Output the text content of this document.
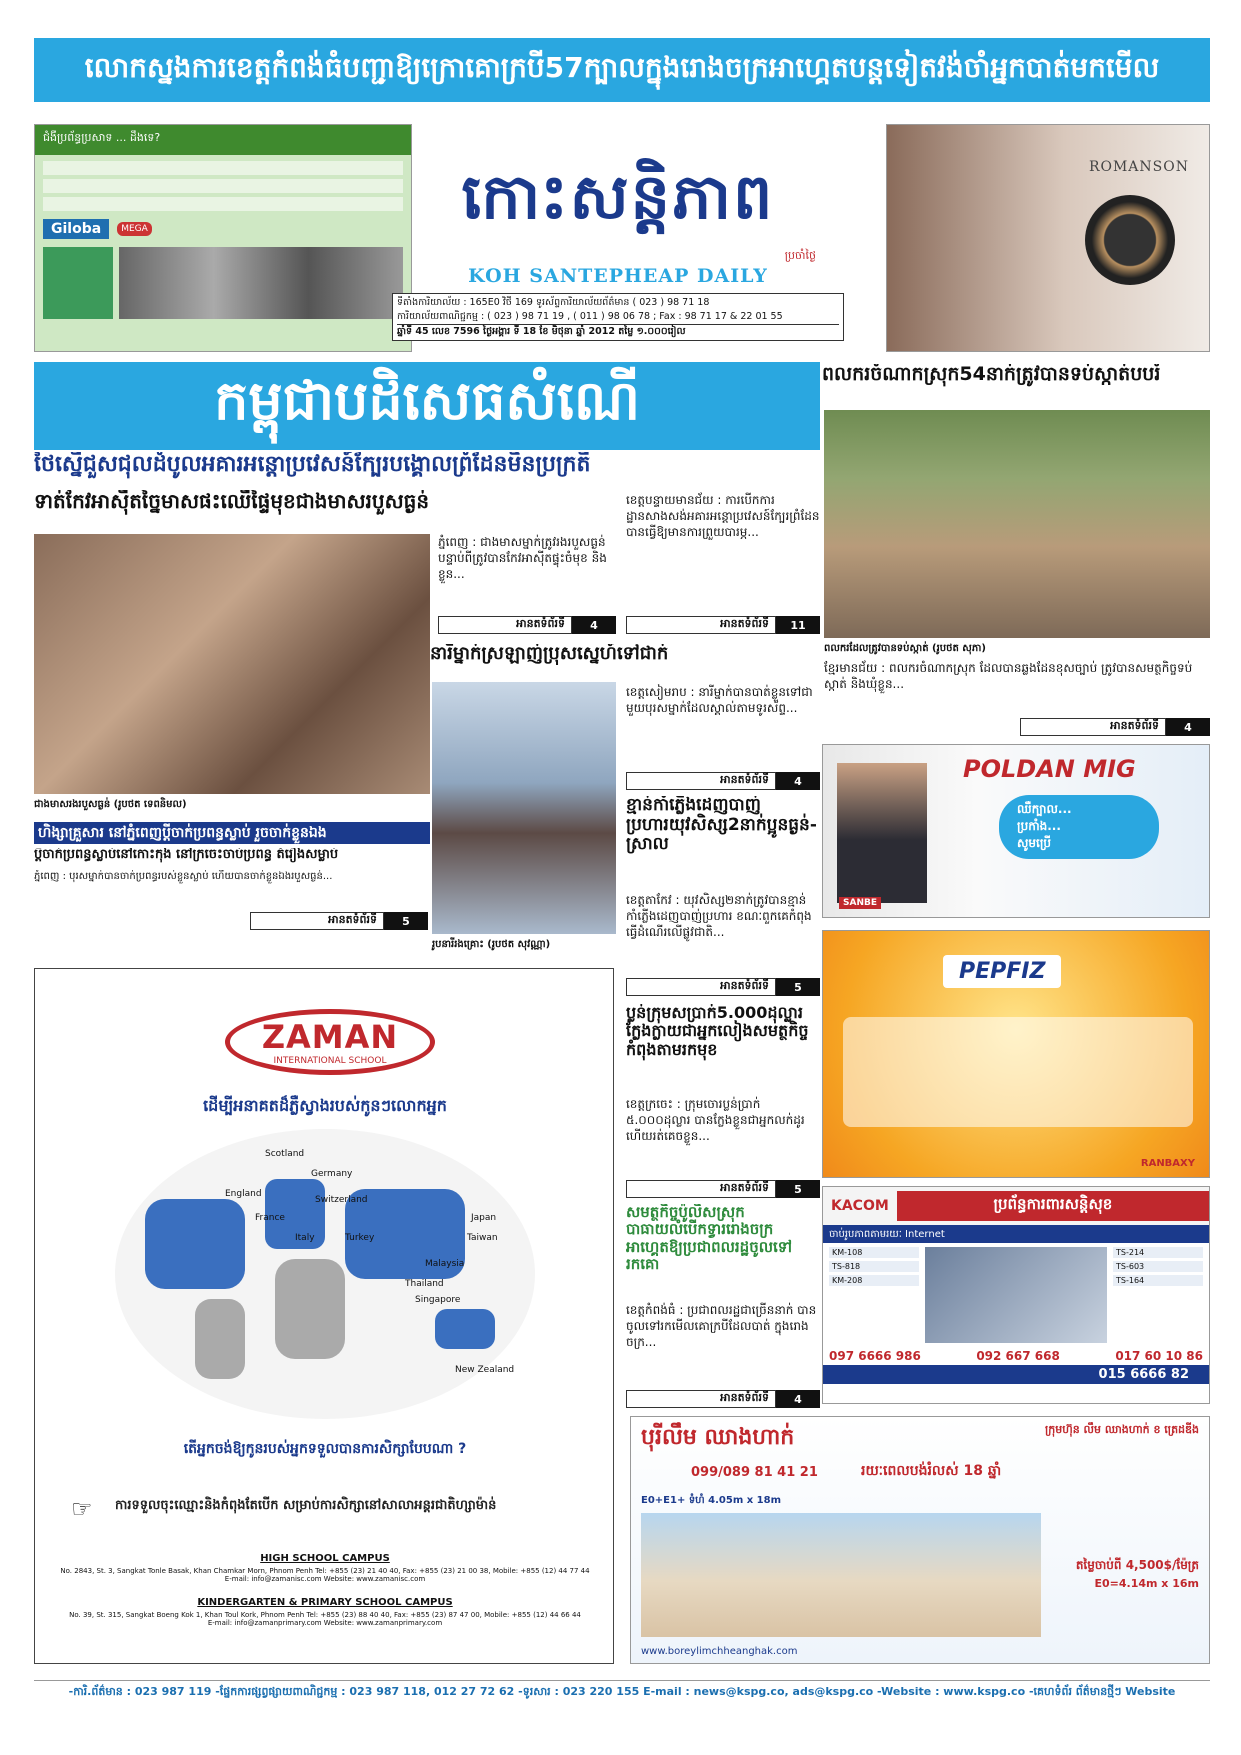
លោកស្នងការខេត្តកំពង់ធំបញ្ជាឱ្យក្រោគោក្របី57ក្បាលក្នុងរោងចក្រអាហ្គេតបន្តទៀតវង់ចាំអ្នកបាត់មកមើល
ជំងឺប្រព័ន្ធប្រសាទ ... ដឹងទេ?
Giloba	MEGA	កោះសន្តិភាព
ប្រចាំថ្ងៃ
KOH SANTEPHEAP DAILY
ទីតាំងការិយាល័យ : 165E0 វិថី 169 ទូរស័ព្ទការិយាល័យព័ត៌មាន ( 023 ) 98 71 18
ការិយាល័យពាណិជ្ជកម្ម : ( 023 ) 98 71 19 , ( 011 ) 98 06 78 ; Fax : 98 71 17 & 22 01 55
ឆ្នាំទី 45 លេខ 7596 ថ្ងៃអង្គារ ទី 18 ខែ មិថុនា ឆ្នាំ 2012 តម្លៃ ១.០០០រៀល
ROMANSON
កម្ពុជាបដិសេធសំណើ
ថៃស្នើជួសជុលដំបូលអគារអន្តោប្រវេសន៍ក្បែរបង្គោលព្រំដែនមិនប្រក្រតី
ទាត់កែវអាស៊ីតច្នៃមាសផះឈើផ្ទៃមុខជាងមាសរបួសធ្ងន់
ជាងមាសរងរបួសធ្ងន់ (រូបថត ទេពនិមល)
ភ្នំពេញ : ជាងមាសម្នាក់ត្រូវរងរបួសធ្ងន់ បន្ទាប់ពីត្រូវបានកែវអាស៊ីតផ្ទុះចំមុខ និងខ្លួន...
អានតទំព័រទី	4
ខេត្តបន្ទាយមានជ័យ : ការបើកការដ្ឋានសាងសង់អគារអន្តោប្រវេសន៍ក្បែរព្រំដែន បានធ្វើឱ្យមានការព្រួយបារម្ភ...
អានតទំព័រទី	11
នារីម្នាក់ស្រឡាញ់ប្រុសស្នេហ៍ទៅជាក់
រូបនារីរងគ្រោះ (រូបថត សុវណ្ណា)
ខេត្តសៀមរាប : នារីម្នាក់បានបាត់ខ្លួនទៅជាមួយបុរសម្នាក់ដែលស្គាល់តាមទូរស័ព្ទ...
អានតទំព័រទី	4
ហិង្សាគ្រួសារ នៅភ្នំពេញប្តីចាក់ប្រពន្ធស្លាប់ រួចចាក់ខ្លួនឯង
ប្តីចាក់ប្រពន្ធស្លាប់នៅកោះកុង នៅក្រចេះចាប់ប្រពន្ធ តំរៀងសម្លាប់
ភ្នំពេញ : បុរសម្នាក់បានចាក់ប្រពន្ធរបស់ខ្លួនស្លាប់ ហើយបានចាក់ខ្លួនឯងរបួសធ្ងន់...
អានតទំព័រទី	5
ខ្មាន់កាំភ្លើងដេញបាញ់ប្រហារយុវសិស្ស2នាក់ប្អូនធ្ងន់-ស្រាល
ខេត្តតាកែវ : យុវសិស្ស២នាក់ត្រូវបានខ្មាន់កាំភ្លើងដេញបាញ់ប្រហារ ខណៈពួកគេកំពុងធ្វើដំណើរលើផ្លូវជាតិ...
អានតទំព័រទី	5
ប្លន់ក្រុមសប្រាក់5.000ដុល្លារ ក្លែងក្លាយជាអ្នកលៀងសមត្ថកិច្ចកំពុងតាមរកមុខ
ខេត្តក្រចេះ : ក្រុមចោរប្លន់ប្រាក់ ៥.០០០ដុល្លារ បានក្លែងខ្លួនជាអ្នកលក់ដូរ ហើយរត់គេចខ្លួន...
អានតទំព័រទី	5
សមត្ថកិច្ចប៉ូលិសស្រុកបាធាយលំបើកទ្វាររោងចក្រ អាហ្គេតឱ្យប្រជាពលរដ្ឋចូលទៅរកគោ
ខេត្តកំពង់ធំ : ប្រជាពលរដ្ឋជាច្រើននាក់ បានចូលទៅរកមើលគោក្របីដែលបាត់ ក្នុងរោងចក្រ...
អានតទំព័រទី	4
ពលករចំណាកស្រុក54នាក់ត្រូវបានទប់ស្កាត់បបរំ
ពលករដែលត្រូវបានទប់ស្កាត់ (រូបថត សុភា)
ខ្មែរមានជ័យ : ពលករចំណាកស្រុក ដែលបានឆ្លងដែនខុសច្បាប់ ត្រូវបានសមត្ថកិច្ចទប់ស្កាត់ និងឃុំខ្លួន...
អានតទំព័រទី	4
ZAMAN
INTERNATIONAL SCHOOL
ដើម្បីអនាគតដ៏ភ្លឺស្វាងរបស់កូនៗលោកអ្នក
Scotland
England
Germany
France
Switzerland
Italy	Turkey
Japan
Taiwan
Thailand
Malaysia
Singapore
New Zealand
តើអ្នកចង់ឱ្យកូនរបស់អ្នកទទួលបានការសិក្សាបែបណា ?
☞	ការទទួលចុះឈ្មោះនិងកំពុងតែបើក សម្រាប់ការសិក្សានៅសាលាអន្តរជាតិហ្សាម៉ាន់
HIGH SCHOOL CAMPUS
No. 2843, St. 3, Sangkat Tonle Basak, Khan Chamkar Morn, Phnom Penh Tel: +855 (23) 21 40 40, Fax: +855 (23) 21 00 38, Mobile: +855 (12) 44 77 44
E-mail: info@zamanisc.com Website: www.zamanisc.com
KINDERGARTEN & PRIMARY SCHOOL CAMPUS
No. 39, St. 315, Sangkat Boeng Kok 1, Khan Toul Kork, Phnom Penh Tel: +855 (23) 88 40 40, Fax: +855 (23) 87 47 00, Mobile: +855 (12) 44 66 44
E-mail: info@zamanprimary.com Website: www.zamanprimary.com
POLDAN MIG
ឈឺក្បាល...
ប្រកាំង...
សូមប្រើ
SANBE
PEPFIZ
RANBAXY
KACOM	ប្រព័ន្ធការពារសន្តិសុខ
ចាប់រូបភាពតាមរយៈ Internet
KM-108
TS-818
KM-208
TS-214
TS-603
TS-164
097 6666 986	092 667 668	017 60 10 86
015 6666 82
បុរីលឹម ឈាងហាក់	ក្រុមហ៊ុន លឹម ឈាងហាក់ ខ ត្រេដឌីង
099/089 81 41 21	រយៈពេលបង់រំលស់ 18 ឆ្នាំ
E0+E1+ ទំហំ 4.05m x 18m
តម្លៃចាប់ពី 4,500$/ម៉ែត្រ
E0=4.14m x 16m
www.boreylimchheanghak.com
-ការិ.ព័ត៌មាន : 023 987 119 -ផ្នែកការផ្សព្វផ្សាយពាណិជ្ជកម្ម : 023 987 118, 012 27 72 62 -ទូរសារ : 023 220 155 E-mail : news@kspg.co, ads@kspg.co -Website : www.kspg.co -គេហទំព័រ ព័ត៌មានថ្មីៗ Website
